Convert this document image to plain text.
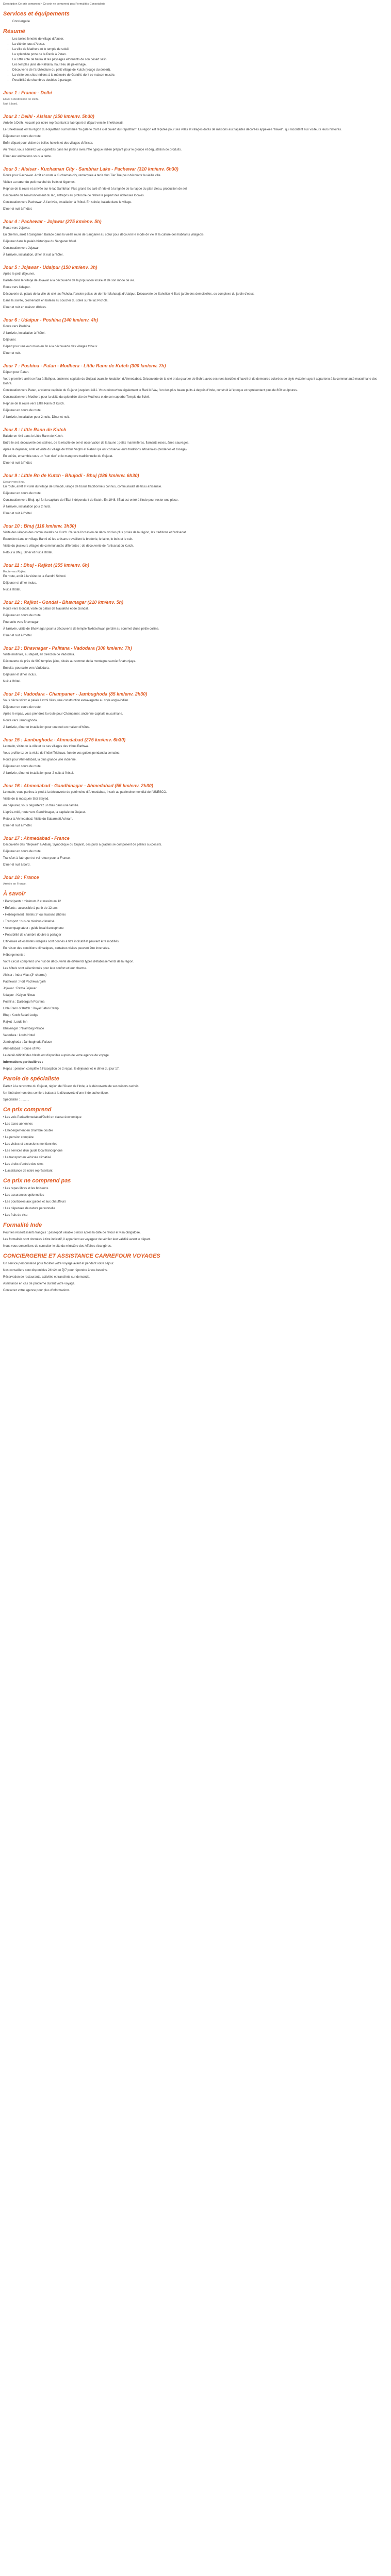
Description Ce prix comprend • Ce prix ne comprend pas Formalités Conseiglerie

Services et équipements
• Conciergerie
Résumé
• Les belles fenetés de village d'Aluser.
• La cité de tous d'Aluser.
• La ville de Madhera et le temple de soleil.
• La splendide porte de la Ranis à Patan.
• La Little cote de hatira et les paysages étonnants de son désert salin.
• Les temples jains de Palitana, haut lieu de pèlerinage.
• Découverte de l'architecture du petit village de Kutch (trouge du désert).
• La visite des sites indiens à la mémoire de Gandhi, dont ce maison-musée.
• Possibilité de chambres doubles à partage.
Jour 1 : France - Delhi

Envol à destination de Delhi.
Nuit à bord.

Jour 2 : Delhi - Alsisar (250 km/env. 5h30)

Arrivée à Delhi. Accueil par notre représentant à l'aéroport et départ vers le Shekhawati.

Le Shekhawati est la région du Rajasthan surnommée "la galerie d'art à ciel ouvert du Rajasthan". La région est réputée pour ses villes et villages dotés de maisons aux façades décorées appelées "haveli", qui racontent aux visiteurs leurs histoires.

Déjeuner en cours de route.

Enfin départ pour visiter de belles havelis et des villages d'Alsisar.

Au retour, vous admirez vos cigarettes dans les jardins avec l'été typique indien préparé pour le groupe et dégustation de produits.

Dîner aux animations sous la tente.

Jour 3 : Alsisar - Kuchaman City - Sambhar Lake - Pachewar (310 km/env. 6h30)

Route pour Pachewar. Arrêt en route à Kuchaman city, remarquée à tenir d'un Tier Tue pour découvrir la vieille ville.

Visitez au cœur du petit marché de fruits et légumes.

Reprise de la route et arrivée sur le lac Sambhar. Plus grand lac salé d'Inde et à la lignée de la nappe du plan d'eau, production de sel.

Découverte de l'environnement du lac, entrepris au protocole de retirer la plupart des richesses locales.

Continuation vers Pachewar. À l'arrivée, installation à l'hôtel. En soirée, balade dans le village.

Dîner et nuit à l'hôtel.

Jour 4 : Pachewar - Jojawar (275 km/env. 5h)

Route vers Jojawar.

En chemin, arrêt à Sanganer. Balade dans la vieille route de Sanganer au cœur pour découvrir le mode de vie et la culture des habitants villageois.

Déjeuner dans le palais historique du Sanganer hôtel.

Continuation vers Jojawar.

À l'arrivée, installation, dîner et nuit à l'hôtel.

Jour 5 : Jojawar - Udaipur (150 km/env. 3h)

Après le petit déjeuner.

Balade dans le village de Jojawar à la découverte de la population locale et de son mode de vie.

Route vers Udaipur.

Découverte du palais de la ville de cité lac Pichola, l'ancien palais de dernier Maharaja d'Udaipur. Découverte de Sahelion ki Bari, jardin des demoiselles, ou complexe du jardin d'eaux.

Dans la soirée, promenade en bateau au coucher du soleil sur le lac Pichola.

Dîner et nuit en maison d'hôtes.

Jour 6 : Udaipur - Poshina (140 km/env. 4h)

Route vers Poshina.

À l'arrivée, installation à l'hôtel.

Déjeuner.

Départ pour une excursion en fin à la découverte des villages tribaux.

Dîner et nuit.

Jour 7 : Poshina - Patan - Modhera - Little Rann de Kutch (300 km/env. 7h)

Départ pour Patan.

Votre première arrêt se fera à Sidhpur, ancienne capitale du Gujarat avant le fondation d'Ahmedabad. Découverte de la cité et du quartier de Bohra avec ses rues bordées d'haveli et de demeures colorées de style victorien ayant appartenu à la communauté musulmane des Bohra.

Continuation vers Patan, ancienne capitale du Gujarat jusqu'en 1411. Vous découvrirez également le Rani ki Vav, l'un des plus beaux puits à degrés d'Inde, construit à l'époque et représentant plus de 800 sculptures.

Continuation vers Modhera pour la visite du splendide site de Modhera et de son superbe Temple du Soleil.

Reprise de la route vers Little Rann of Kutch.

Déjeuner en cours de route.

À l'arrivée, installation pour 2 nuits. Dîner et nuit.

Jour 8 : Little Rann de Kutch

Balade en 4x4 dans le Little Rann de Kutch.

Entre le sel, découverte des salines, de la récolte de sel et observation de la faune : petits mammifères, flamants roses, ânes sauvages.

Après le déjeuner, arrêt et visite du village de tribus Vaghri et Rabari qui ont conservé leurs traditions artisanales (broderies et tissage).

En soirée, ensemble-vous un "sun rise" et le mangrove traditionnelle du Gujarat.

Dîner et nuit à l'hôtel.

Jour 9 : Little Rn de Kutch - Bhujodi - Bhuj (286 km/env. 6h30)

Départ vers Bhuj.

En route, arrêt et visite du village de Bhujodi, village de tissus traditionnels connus, communauté de tissu artisanale.

Déjeuner en cours de route.

Continuation vers Bhuj, qui fut la capitale de l'État indépendant de Kutch. En 1948, l'État est entré à l'Inde pour rester une place.

À l'arrivée, installation pour 2 nuits.

Dîner et nuit à l'hôtel.

Jour 10 : Bhuj (116 km/env. 3h30)

Visite des villages des communautés de Kutch. Ce sera l'occasion de découvrir les plus prisés de la région, les traditions et l'artisanat.

Excursion dans un village Banni où les artisans travaillent la broderie, le laine, le bois et le cuir.

Visite du plusieurs villages de communautés différentes : de découverte de l'artisanat du Kutch.

Retour à Bhuj. Dîner et nuit à l'hôtel.

Jour 11 : Bhuj - Rajkot (255 km/env. 6h)

Route vers Rajkot.

En route, arrêt à la visite de la Gandhi School.

Déjeuner et dîner inclus.

Nuit à l'hôtel.

Jour 12 : Rajkot - Gondal - Bhavnagar (210 km/env. 5h)

Route vers Gondal, visite du palais de Naulakha et de Gondal.

Déjeuner en cours de route.

Poursuite vers Bhavnagar.

À l'arrivée, visite de Bhavnagar pour la découverte de temple Takhteshwar, perché au sommet d'une petite colline.

Dîner et nuit à l'hôtel.

Jour 13 : Bhavnagar - Palitana - Vadodara (300 km/env. 7h)

Visite matinale, au départ, en direction de Vadodara.

Découverte de près de 900 temples jains, situés au sommet de la montagne sacrée Shatrunjaya.

Ensuite, poursuite vers Vadodara.

Déjeuner et dîner inclus.

Nuit à l'hôtel.

Jour 14 : Vadodara - Champaner - Jambughoda (85 km/env. 2h30)

Vous découvrirez le palais Laxmi Vilas, une construction extravagante au style anglo-indien.

Déjeuner en cours de route.

Après le repas, vous prendrez la route pour Champaner, ancienne capitale musulmane.

Route vers Jambughoda.

À l'arrivée, dîner et installation pour une nuit en maison d'hôtes.

Jour 15 : Jambughoda - Ahmedabad (275 km/env. 6h30)

Le matin, visite de la ville et de ses villages des tribus Rathwa.

Vous profiterez de la visite de l'hôtel Tribhuva, l'un de vos guides pendant la semaine.

Route pour Ahmedabad, la plus grande ville indienne.

Déjeuner en cours de route.

À l'arrivée, dîner et installation pour 2 nuits à l'hôtel.

Jour 16 : Ahmedabad - Gandhinagar - Ahmedabad (55 km/env. 2h30)

Le matin, vous partirez à pied à la découverte du patrimoine d'Ahmedabad, inscrit au patrimoine mondial de l'UNESCO.

Visite de la mosquée Sidi Saiyed.

Au déjeuner, vous dégusterez un thali dans une famille.

L'après-midi, route vers Gandhinagar, la capitale du Gujarat.

Retour à Ahmedabad. Visite du Sabarmati Ashram.

Dîner et nuit à l'hôtel.

Jour 17 : Ahmedabad - France

Découverte des "stepwell" à Adalaj. Symbolique du Gujarat, ces puits à gradins se composent de paliers successifs.

Déjeuner en cours de route.

Transfert à l'aéroport et vol retour pour la France.

Dîner et nuit à bord.

Jour 18 : France

Arrivée en France.

À savoir

• Participants : minimum 2 et maximum 12

• Enfants : accessible à partir de 12 ans

• Hébergement : hôtels 3* ou maisons d'hôtes

• Transport : bus ou minibus climatisé

• Accompagnateur : guide local francophone

• Possibilité de chambre double à partager

L'itinéraire et les hôtels indiqués sont donnés à titre indicatif et peuvent être modifiés.

En raison des conditions climatiques, certaines visites peuvent être inversées.

Hébergements :

Votre circuit comprend une nuit de découverte de différents types d'établissements de la région.

Les hôtels sont sélectionnés pour leur confort et leur charme.

Alsisar : Indra Vilas (3* charme)

Pachewar : Fort Pachewargarh

Jojawar : Rawla Jojawar

Udaipur : Kalyan Niwas

Poshina : Darbargarh Poshina

Little Rann of Kutch : Royal Safari Camp

Bhuj : Kutch Safari Lodge

Rajkot : Lords Inn

Bhavnagar : Nilambag Palace

Vadodara : Lords Hotel

Jambughoda : Jambughoda Palace

Ahmedabad : House of MG

Le détail définitif des hôtels est disponible auprès de votre agence de voyage.

Informations particulières :

Repas : pension complète à l'exception de 2 repas, le déjeuner et le dîner du jour 17.

Parole de spécialiste

Partez à la rencontre du Gujarat, région de l'Ouest de l'Inde, à la découverte de ses trésors cachés.

Un itinéraire hors des sentiers battus à la découverte d'une Inde authentique.

Spécialiste : ..........

Ce prix comprend

• Les vols Paris/Ahmedabad/Delhi en classe économique

• Les taxes aériennes

• L'hébergement en chambre double

• La pension complète

• Les visites et excursions mentionnées

• Les services d'un guide local francophone

• Le transport en véhicule climatisé

• Les droits d'entrée des sites

• L'assistance de notre représentant

Ce prix ne comprend pas

• Les repas libres et les boissons

• Les assurances optionnelles

• Les pourboires aux guides et aux chauffeurs

• Les dépenses de nature personnelle

• Les frais de visa

Formalité Inde

Pour les ressortissants français : passeport valable 6 mois après la date de retour et visa obligatoire.

Les formalités sont données à titre indicatif, il appartient au voyageur de vérifier leur validité avant le départ.

Nous vous conseillons de consulter le site du ministère des Affaires étrangères.

CONCIERGERIE ET ASSISTANCE CARREFOUR VOYAGES

Un service personnalisé pour faciliter votre voyage avant et pendant votre séjour.

Nos conseillers sont disponibles 24h/24 et 7j/7 pour répondre à vos besoins.

Réservation de restaurants, activités et transferts sur demande.

Assistance en cas de problème durant votre voyage.

Contactez votre agence pour plus d'informations.
